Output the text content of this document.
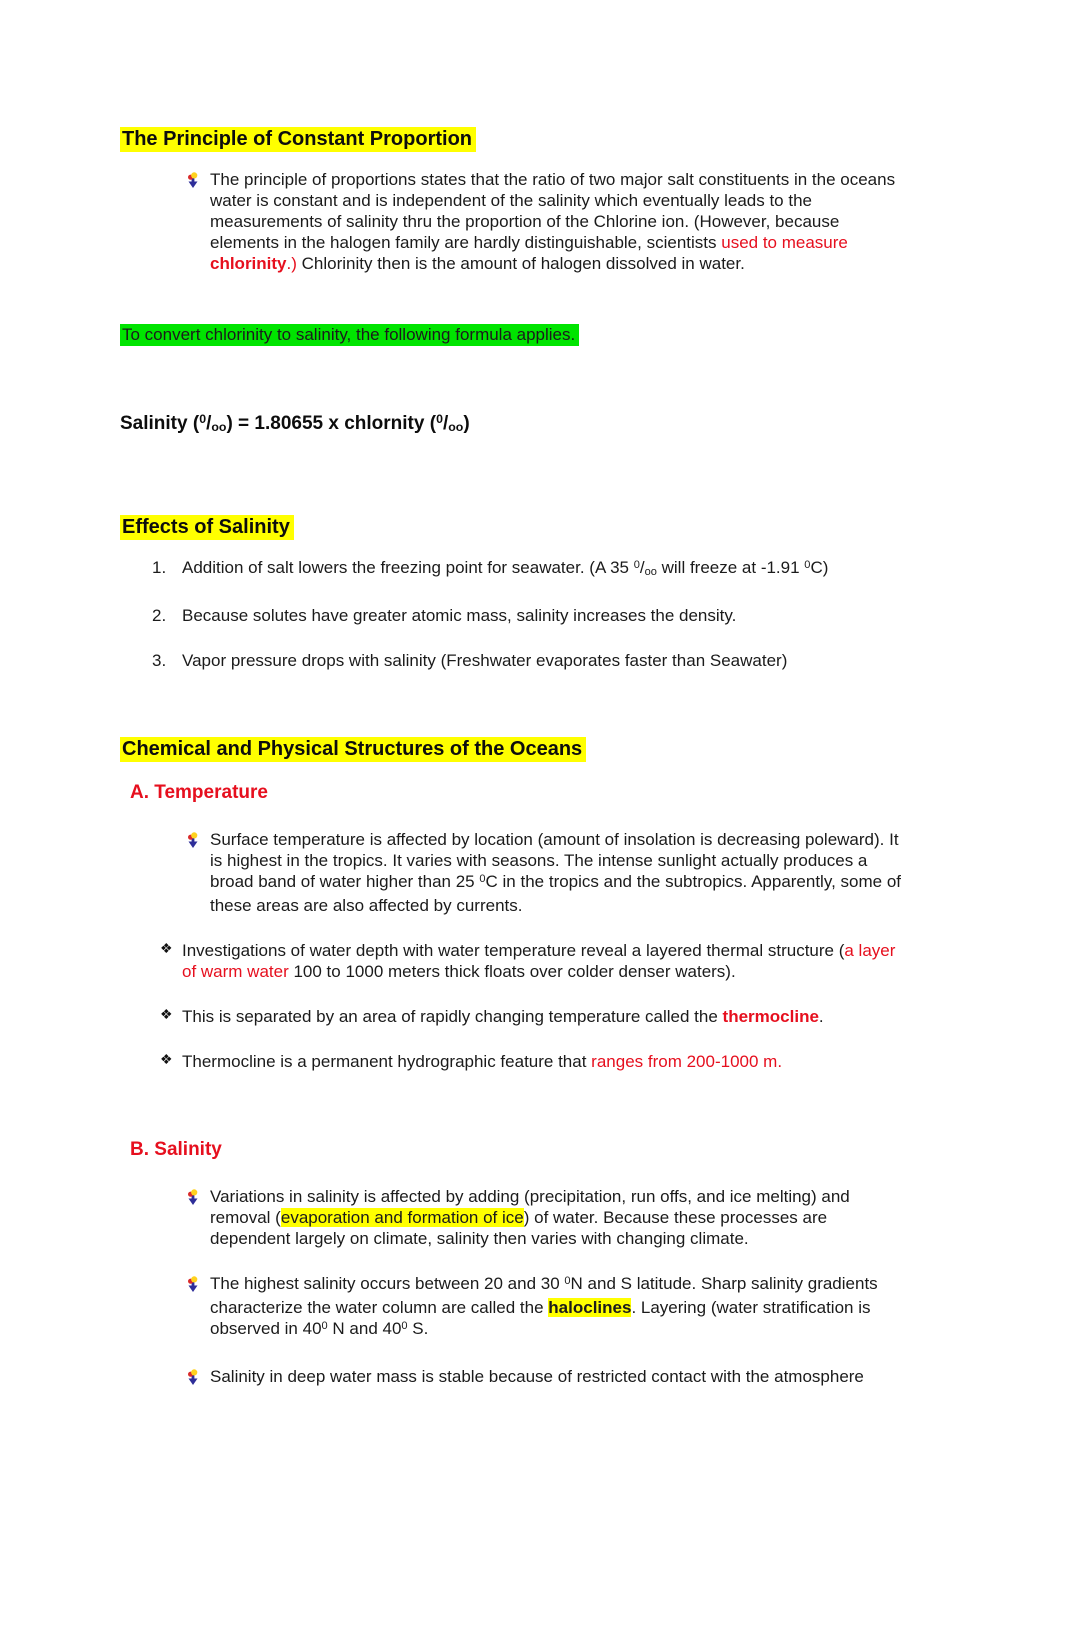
The Principle of Constant Proportion

The principle of proportions states that the ratio of two major salt constituents in the oceans water is constant and is independent of the salinity which eventually leads to the measurements of salinity thru the proportion of the Chlorine ion. (However, because elements in the halogen family are hardly distinguishable, scientists used to measure chlorinity.) Chlorinity then is the amount of halogen dissolved in water.

To convert chlorinity to salinity, the following formula applies.

Salinity ($^0$/oo) = 1.80655 x chlornity ($^0$/oo)

Effects of Salinity
1. Addition of salt lowers the freezing point for seawater. (A 35 $^0$/oo will freeze at -1.91 $^0$C)

2. Because solutes have greater atomic mass, salinity increases the density.

3. Vapor pressure drops with salinity (Freshwater evaporates faster than Seawater)

Chemical and Physical Structures of the Oceans
A. Temperature

Surface temperature is affected by location (amount of insolation is decreasing poleward). It is highest in the tropics. It varies with seasons. The intense sunlight actually produces a broad band of water higher than 25 $^0$C in the tropics and the subtropics. Apparently, some of these areas are also affected by currents.

❖ Investigations of water depth with water temperature reveal a layered thermal structure (a layer of warm water 100 to 1000 meters thick floats over colder denser waters).

❖ This is separated by an area of rapidly changing temperature called the thermocline.

❖ Thermocline is a permanent hydrographic feature that ranges from 200-1000 m.

B. Salinity

Variations in salinity is affected by adding (precipitation, run offs, and ice melting) and removal (evaporation and formation of ice) of water. Because these processes are dependent largely on climate, salinity then varies with changing climate.

The highest salinity occurs between 20 and 30 $^0$N and S latitude. Sharp salinity gradients characterize the water column are called the haloclines. Layering (water stratification is observed in $40^0$ N and $40^0$ S.

Salinity in deep water mass is stable because of restricted contact with the atmosphere
